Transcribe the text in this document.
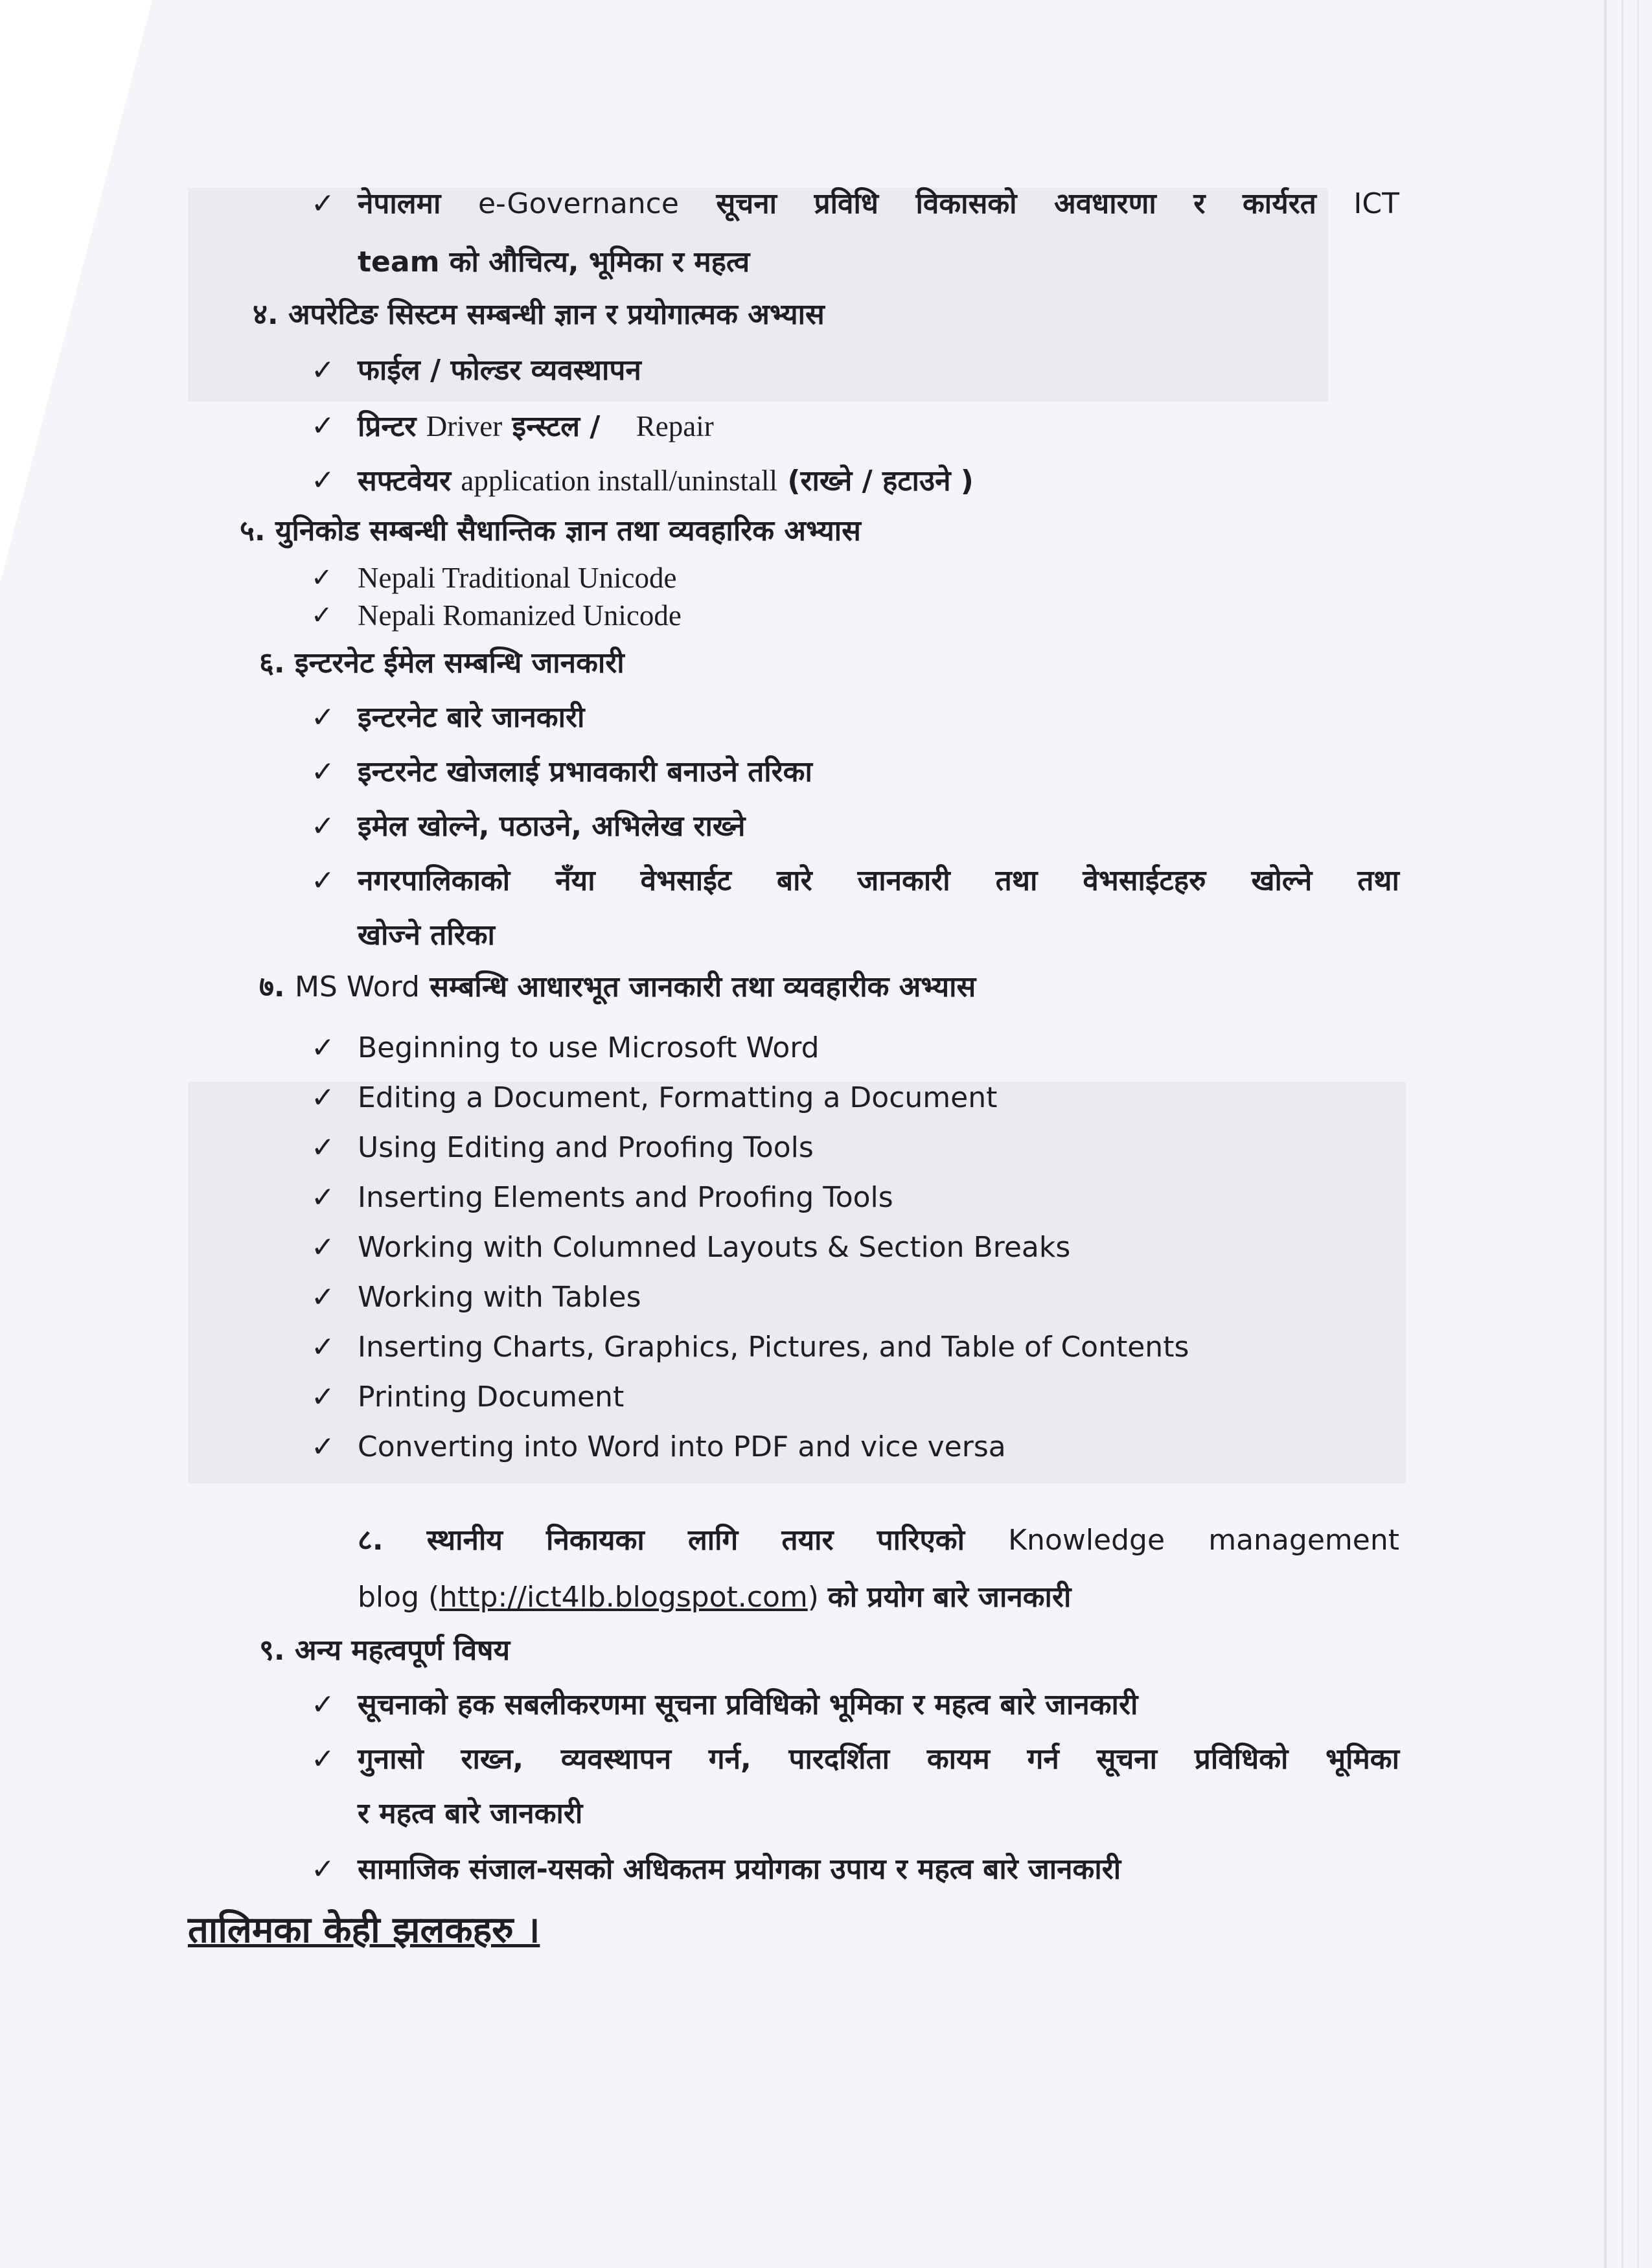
✓ नेपालमा e-Governance सूचना प्रविधि विकासको अवधारणा र कार्यरत ICT
team को औचित्य, भूमिका र महत्व
४. अपरेटिङ सिस्टम सम्बन्धी ज्ञान र प्रयोगात्मक अभ्यास
✓ फाईल / फोल्डर व्यवस्थापन
✓ प्रिन्टर Driver इन्स्टल / Repair
✓ सफ्टवेयर application install/uninstall (राख्ने / हटाउने )
५. युनिकोड सम्बन्धी सैधान्तिक ज्ञान तथा व्यवहारिक अभ्यास
✓ Nepali Traditional Unicode
✓ Nepali Romanized Unicode
६. इन्टरनेट ईमेल सम्बन्धि जानकारी
✓ इन्टरनेट बारे जानकारी
✓ इन्टरनेट खोजलाई प्रभावकारी बनाउने तरिका
✓ इमेल खोल्ने, पठाउने, अभिलेख राख्ने
✓ नगरपालिकाको नँया वेभसाईट बारे जानकारी तथा वेभसाईटहरु खोल्ने तथा
खोज्ने तरिका
७. MS Word सम्बन्धि आधारभूत जानकारी तथा व्यवहारीक अभ्यास
✓ Beginning to use Microsoft Word
✓ Editing a Document, Formatting a Document
✓ Using Editing and Proofing Tools
✓ Inserting Elements and Proofing Tools
✓ Working with Columned Layouts & Section Breaks
✓ Working with Tables
✓ Inserting Charts, Graphics, Pictures, and Table of Contents
✓ Printing Document
✓ Converting into Word into PDF and vice versa
८. स्थानीय निकायका लागि तयार पारिएको Knowledge management
blog (http://ict4lb.blogspot.com) को प्रयोग बारे जानकारी
९. अन्य महत्वपूर्ण विषय
✓ सूचनाको हक सबलीकरणमा सूचना प्रविधिको भूमिका र महत्व बारे जानकारी
✓ गुनासो राख्न, व्यवस्थापन गर्न, पारदर्शिता कायम गर्न सूचना प्रविधिको भूमिका
र महत्व बारे जानकारी
✓ सामाजिक संजाल-यसको अधिकतम प्रयोगका उपाय र महत्व बारे जानकारी
तालिमका केही झलकहरु ।
